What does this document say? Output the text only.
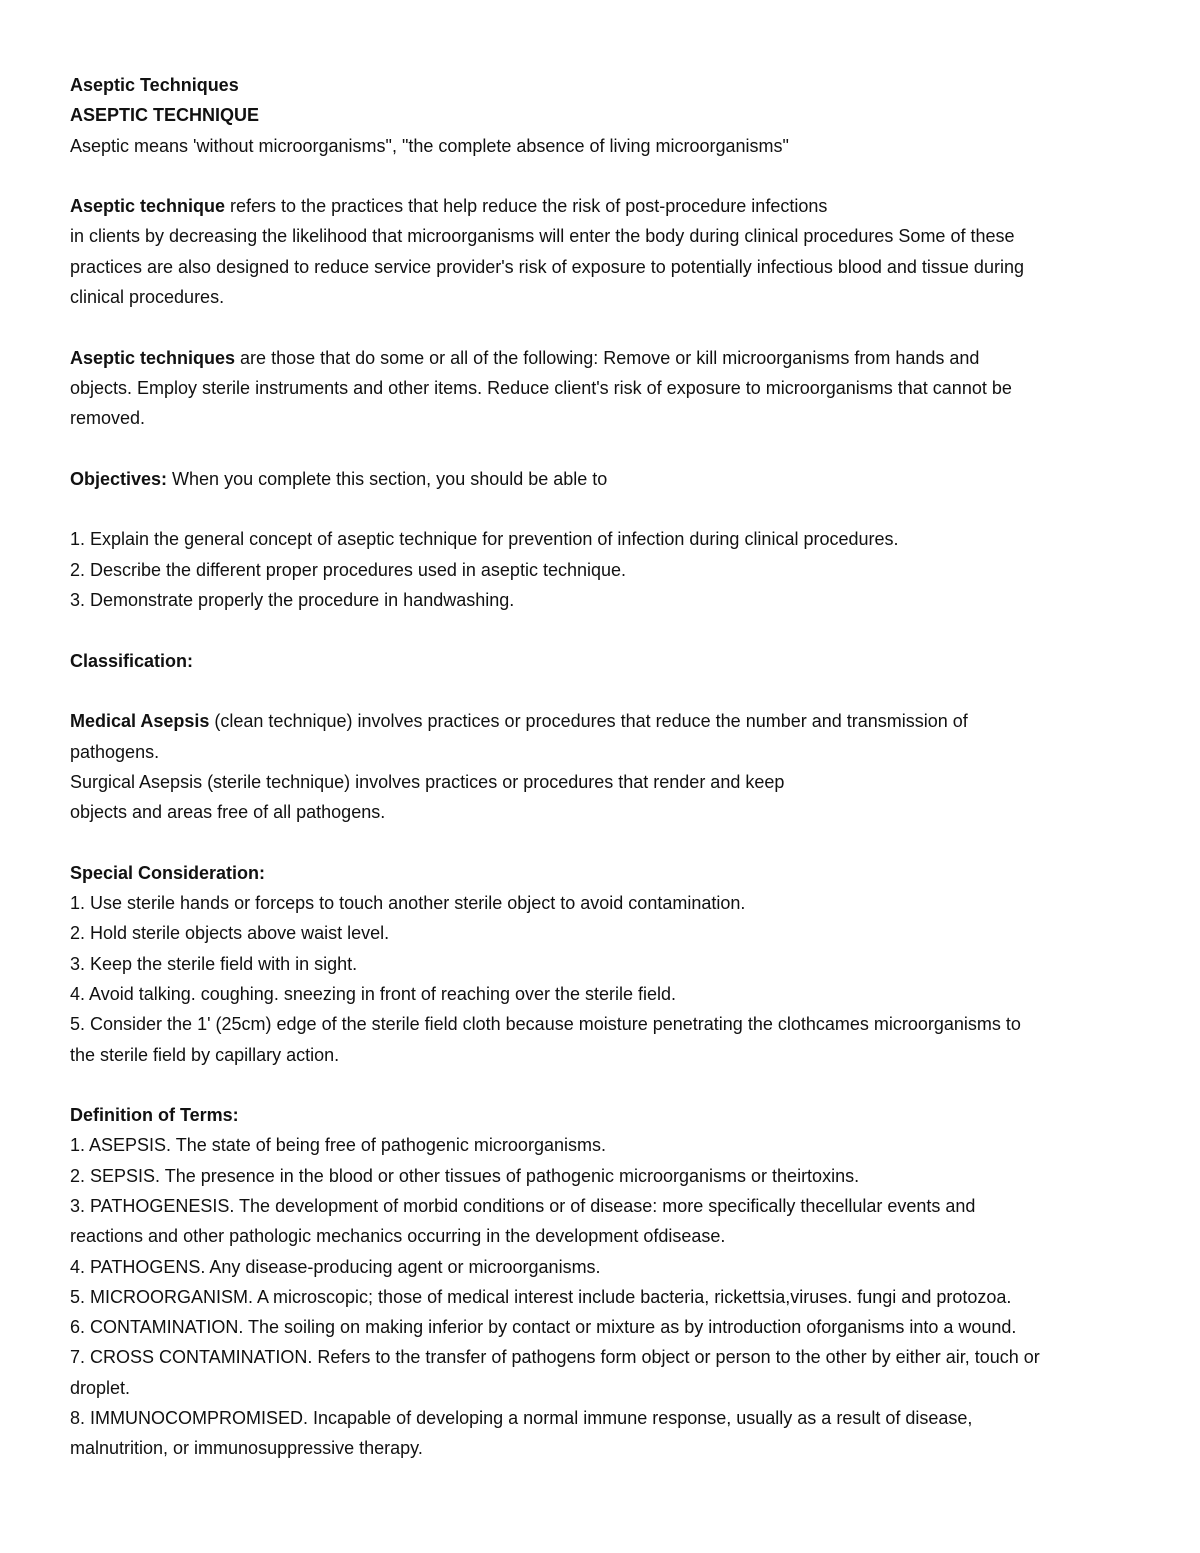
Aseptic Techniques
ASEPTIC TECHNIQUE
Aseptic means 'without microorganisms", "the complete absence of living microorganisms"
Aseptic technique refers to the practices that help reduce the risk of post-procedure infections
in clients by decreasing the likelihood that microorganisms will enter the body during clinical procedures Some of these
practices are also designed to reduce service provider's risk of exposure to potentially infectious blood and tissue during
clinical procedures.
Aseptic techniques are those that do some or all of the following: Remove or kill microorganisms from hands and
objects. Employ sterile instruments and other items. Reduce client's risk of exposure to microorganisms that cannot be
removed.
Objectives: When you complete this section, you should be able to
1. Explain the general concept of aseptic technique for prevention of infection during clinical procedures.
2. Describe the different proper procedures used in aseptic technique.
3. Demonstrate properly the procedure in handwashing.
Classification:
Medical Asepsis (clean technique) involves practices or procedures that reduce the number and transmission of
pathogens.
Surgical Asepsis (sterile technique) involves practices or procedures that render and keep
objects and areas free of all pathogens.
Special Consideration:
1. Use sterile hands or forceps to touch another sterile object to avoid contamination.
2. Hold sterile objects above waist level.
3. Keep the sterile field with in sight.
4. Avoid talking. coughing. sneezing in front of reaching over the sterile field.
5. Consider the 1' (25cm) edge of the sterile field cloth because moisture penetrating the clothcames microorganisms to
the sterile field by capillary action.
Definition of Terms:
1. ASEPSIS. The state of being free of pathogenic microorganisms.
2. SEPSIS. The presence in the blood or other tissues of pathogenic microorganisms or theirtoxins.
3. PATHOGENESIS. The development of morbid conditions or of disease: more specifically thecellular events and
reactions and other pathologic mechanics occurring in the development ofdisease.
4. PATHOGENS. Any disease-producing agent or microorganisms.
5. MICROORGANISM. A microscopic; those of medical interest include bacteria, rickettsia,viruses. fungi and protozoa.
6. CONTAMINATION. The soiling on making inferior by contact or mixture as by introduction oforganisms into a wound.
7. CROSS CONTAMINATION. Refers to the transfer of pathogens form object or person to the other by either air, touch or
droplet.
8. IMMUNOCOMPROMISED. Incapable of developing a normal immune response, usually as a result of disease,
malnutrition, or immunosuppressive therapy.
